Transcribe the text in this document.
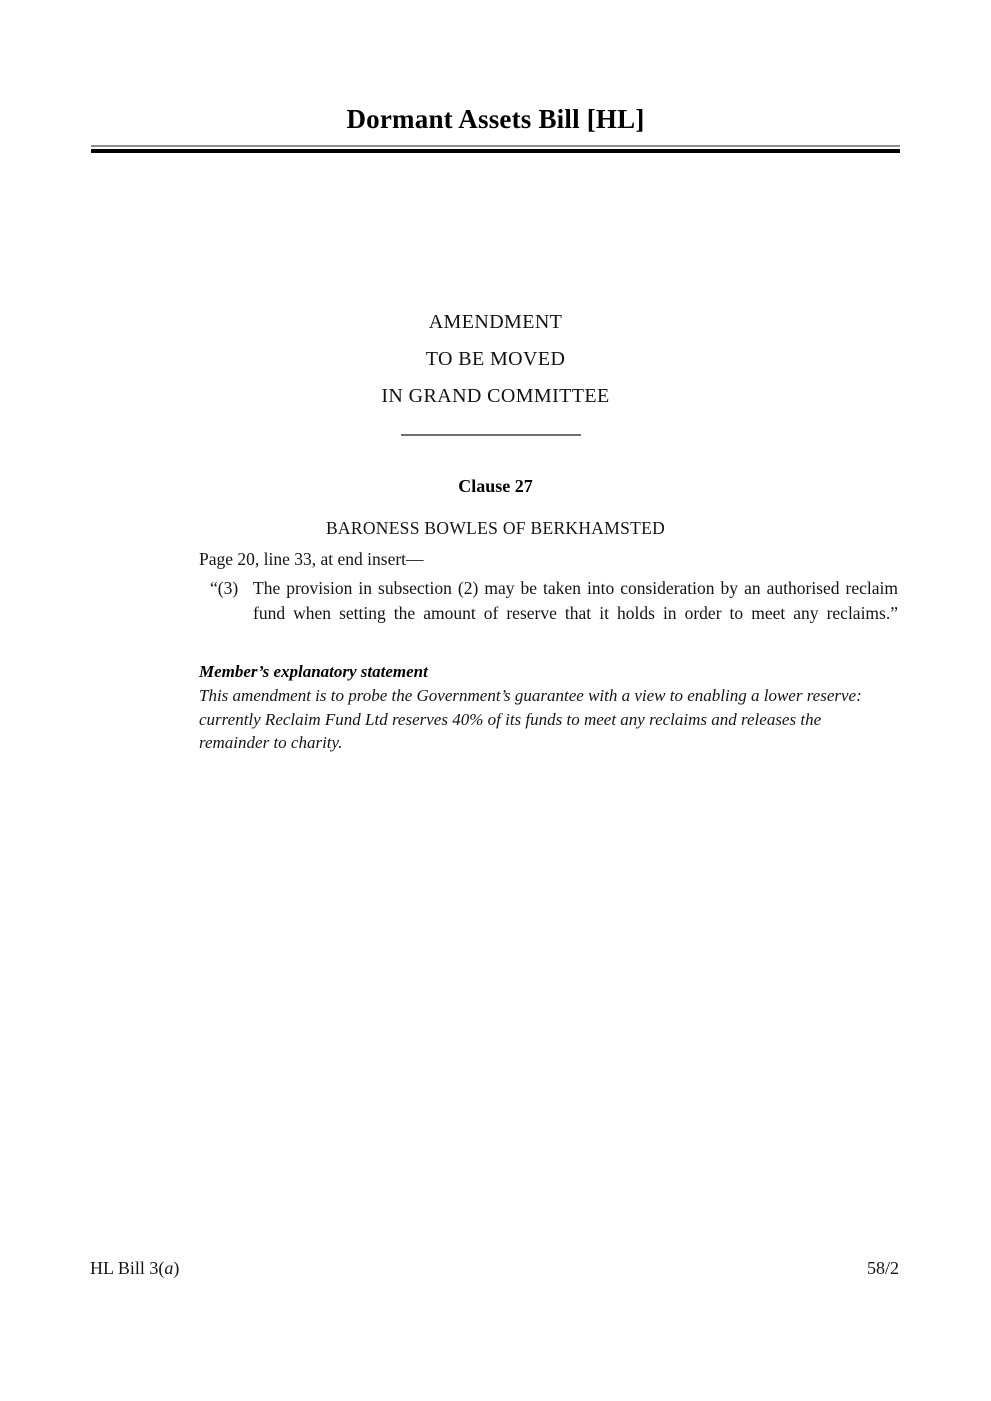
Dormant Assets Bill [HL]
AMENDMENT
TO BE MOVED
IN GRAND COMMITTEE
Clause 27
BARONESS BOWLES OF BERKHAMSTED
Page 20, line 33, at end insert—
“(3) The provision in subsection (2) may be taken into consideration by an authorised reclaim fund when setting the amount of reserve that it holds in order to meet any reclaims.”
Member’s explanatory statement
This amendment is to probe the Government’s guarantee with a view to enabling a lower reserve: currently Reclaim Fund Ltd reserves 40% of its funds to meet any reclaims and releases the remainder to charity.
HL Bill 3(a)	58/2
